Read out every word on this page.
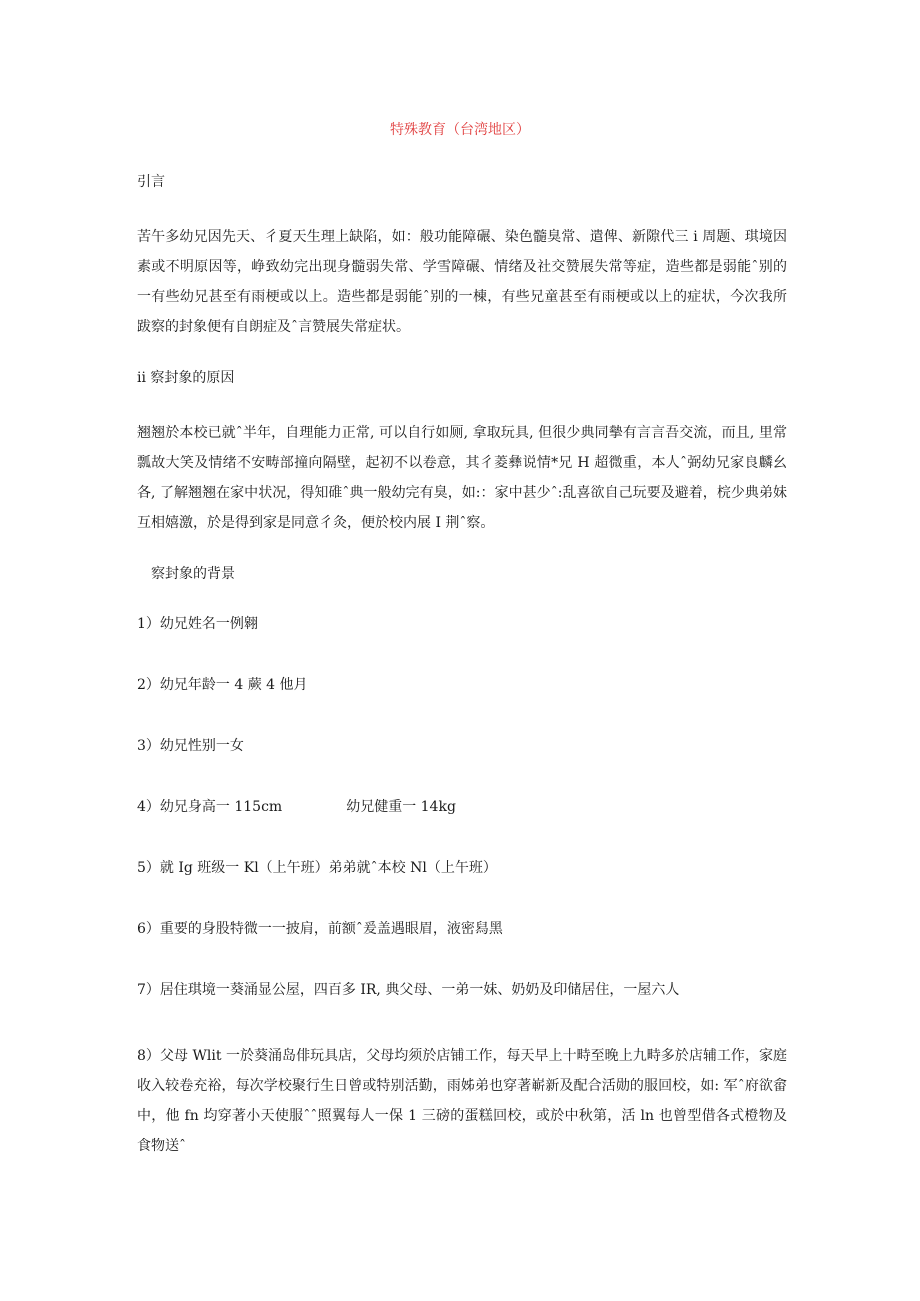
特殊教育（台湾地区）
引言
苦午多幼兄因先天、彳夏天生理上缺陷，如：般功能障碾、染色髓臭常、遣俾、新隙代三 i 周题、琪境因素或不明原因等，峥致幼完出现身髓弱失常、学雪障碾、情绪及社交赞展失常等症，造些都是弱能ˆ别的一有些幼兄甚至有雨梗或以上。造些都是弱能ˆ别的一棟，有些兄童甚至有雨梗或以上的症状，今次我所跋察的封象便有自朗症及ˆ言赞展失常症状。
ii 察封象的原因
翘翘於本校已就ˆ半年，自理能力正常, 可以自行如厕, 拿取玩具, 但很少典同摰有言言吾交流，而且, 里常瓢故大笑及情绪不安畴部撞向隔壁，起初不以卷意，其彳菱彝说情*兄 H 超微重，本人ˆ弼幼兄家良麟幺各, 了解翘翘在家中状况，得知碓ˆ典一般幼完有臭，如:：家中甚少ˆ:乱喜欲自己玩要及避着，梡少典弟妹互相嬉激，於是得到家是同意彳灸，便於校内展 I 荆ˆ察。
察封象的背景
1）幼兄姓名一例翱
2）幼兄年龄一 4 蕨 4 他月
3）幼兄性别一女
4）幼兄身高一 115cm	幼兄健重一 14kg
5）就 Ig 班级一 Kl（上午班）弟弟就ˆ本校 Nl（上午班）
6）重要的身股特微一一披肩，前额ˆ爰盖遇眼眉，液密舄黑
7）居住琪境一葵涌显公屋，四百多 IR, 典父母、一弟一妹、奶奶及印储居住，一屋六人
8）父母 Wlit 一於葵涌岛俳玩具店，父母均须於店铺工作，每天早上十畤至晚上九畤多於店辅工作，家庭收入较卷充裕，每次学校聚行生日曾或特别活勤，雨姊弟也穿著嶄新及配合活勋的服回校，如: 军ˆ府欲畲中，他 fn 均穿著小天使服ˆˆ照翼每人一保 1 三磅的蛋糕回校，或於中秋第，活 ln 也曾型借各式橙物及食物送ˆ
